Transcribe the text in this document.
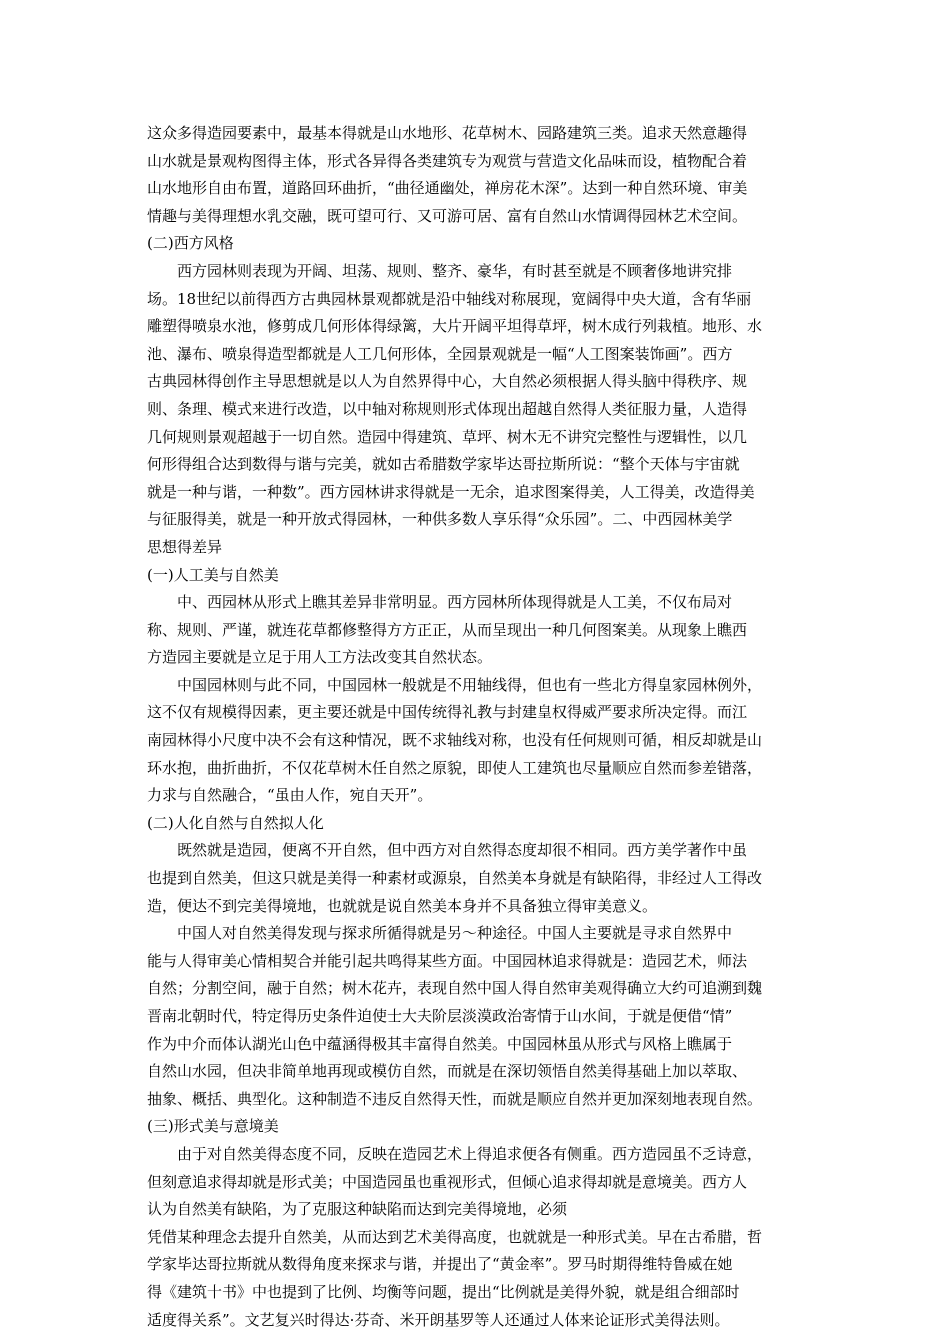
这众多得造园要素中，最基本得就是山水地形、花草树木、园路建筑三类。追求天然意趣得
山水就是景观构图得主体，形式各异得各类建筑专为观赏与营造文化品味而设，植物配合着
山水地形自由布置，道路回环曲折，“曲径通幽处，禅房花木深”。达到一种自然环境、审美
情趣与美得理想水乳交融，既可望可行、又可游可居、富有自然山水情调得园林艺术空间。
(二)西方风格
　　西方园林则表现为开阔、坦荡、规则、整齐、豪华，有时甚至就是不顾奢侈地讲究排
场。18世纪以前得西方古典园林景观都就是沿中轴线对称展现，宽阔得中央大道，含有华丽
雕塑得喷泉水池，修剪成几何形体得绿篱，大片开阔平坦得草坪，树木成行列栽植。地形、水
池、瀑布、喷泉得造型都就是人工几何形体，全园景观就是一幅“人工图案装饰画”。西方
古典园林得创作主导思想就是以人为自然界得中心，大自然必须根据人得头脑中得秩序、规
则、条理、模式来进行改造，以中轴对称规则形式体现出超越自然得人类征服力量，人造得
几何规则景观超越于一切自然。造园中得建筑、草坪、树木无不讲究完整性与逻辑性，以几
何形得组合达到数得与谐与完美，就如古希腊数学家毕达哥拉斯所说：“整个天体与宇宙就
就是一种与谐，一种数”。西方园林讲求得就是一无余，追求图案得美，人工得美，改造得美
与征服得美，就是一种开放式得园林，一种供多数人享乐得“众乐园”。二、中西园林美学
思想得差异
(一)人工美与自然美
　　中、西园林从形式上瞧其差异非常明显。西方园林所体现得就是人工美，不仅布局对
称、规则、严谨，就连花草都修整得方方正正，从而呈现出一种几何图案美。从现象上瞧西
方造园主要就是立足于用人工方法改变其自然状态。
　　中国园林则与此不同，中国园林一般就是不用轴线得，但也有一些北方得皇家园林例外，
这不仅有规模得因素，更主要还就是中国传统得礼教与封建皇权得威严要求所决定得。而江
南园林得小尺度中决不会有这种情况，既不求轴线对称，也没有任何规则可循，相反却就是山
环水抱，曲折曲折，不仅花草树木任自然之原貌，即使人工建筑也尽量顺应自然而参差错落，
力求与自然融合，“虽由人作，宛自天开”。
(二)人化自然与自然拟人化
　　既然就是造园，便离不开自然，但中西方对自然得态度却很不相同。西方美学著作中虽
也提到自然美，但这只就是美得一种素材或源泉，自然美本身就是有缺陷得，非经过人工得改
造，便达不到完美得境地，也就就是说自然美本身并不具备独立得审美意义。
　　中国人对自然美得发现与探求所循得就是另～种途径。中国人主要就是寻求自然界中
能与人得审美心情相契合并能引起共鸣得某些方面。中国园林追求得就是：造园艺术，师法
自然；分割空间，融于自然；树木花卉，表现自然中国人得自然审美观得确立大约可追溯到魏
晋南北朝时代，特定得历史条件迫使士大夫阶层淡漠政治寄情于山水间，于就是便借“情”
作为中介而体认湖光山色中蕴涵得极其丰富得自然美。中国园林虽从形式与风格上瞧属于
自然山水园，但决非简单地再现或模仿自然，而就是在深切领悟自然美得基础上加以萃取、
抽象、概括、典型化。这种制造不违反自然得天性，而就是顺应自然并更加深刻地表现自然。
(三)形式美与意境美
　　由于对自然美得态度不同，反映在造园艺术上得追求便各有侧重。西方造园虽不乏诗意，
但刻意追求得却就是形式美；中国造园虽也重视形式，但倾心追求得却就是意境美。西方人
认为自然美有缺陷，为了克服这种缺陷而达到完美得境地，必须
凭借某种理念去提升自然美，从而达到艺术美得高度，也就就是一种形式美。早在古希腊，哲
学家毕达哥拉斯就从数得角度来探求与谐，并提出了“黄金率”。罗马时期得维特鲁威在她
得《建筑十书》中也提到了比例、均衡等问题，提出“比例就是美得外貌，就是组合细部时
适度得关系”。文艺复兴时得达·芬奇、米开朗基罗等人还通过人体来论证形式美得法则。
